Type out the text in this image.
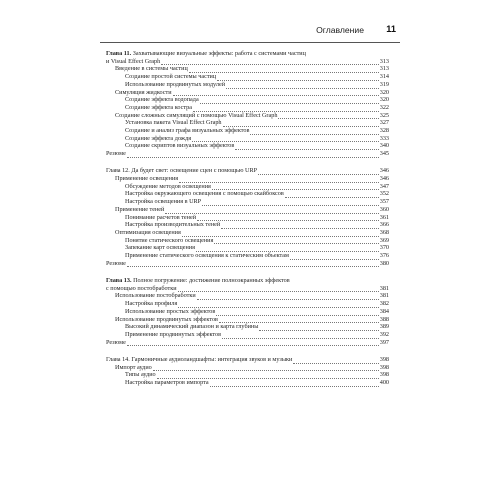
Оглавление 11
Глава 11. Захватывающие визуальные эффекты: работа с системами частиц
и Visual Effect Graph	313
Введение в системы частиц	313
Создание простой системы частиц	314
Использование продвинутых модулей	319
Симуляция жидкости	320
Создание эффекта водопада	320
Создание эффекта костра	322
Создание сложных симуляций с помощью Visual Effect Graph	325
Установка пакета Visual Effect Graph	327
Создание и анализ графа визуальных эффектов	328
Создание эффекта дождя	333
Создание скриптов визуальных эффектов	340
Резюме	345
Глава 12. Да будет свет: освещение сцен с помощью URP	346
Применение освещения	346
Обсуждение методов освещения	347
Настройка окружающего освещения с помощью скайбоксов	352
Настройка освещения в URP	357
Применение теней	360
Понимание расчетов теней	361
Настройка производительных теней	366
Оптимизация освещения	368
Понятие статического освещения	369
Запекание карт освещения	370
Применение статического освещения к статическим объектам	376
Резюме	380
Глава 13. Полное погружение: достижение полноэкранных эффектов
с помощью постобработки	381
Использование постобработки	381
Настройка профиля	382
Использование простых эффектов	384
Использование продвинутых эффектов	388
Высокий динамический диапазон и карта глубины	389
Применение продвинутых эффектов	392
Резюме	397
Глава 14. Гармоничные аудиоландшафты: интеграция звуков и музыки	398
Импорт аудио	398
Типы аудио	398
Настройка параметров импорта	400
